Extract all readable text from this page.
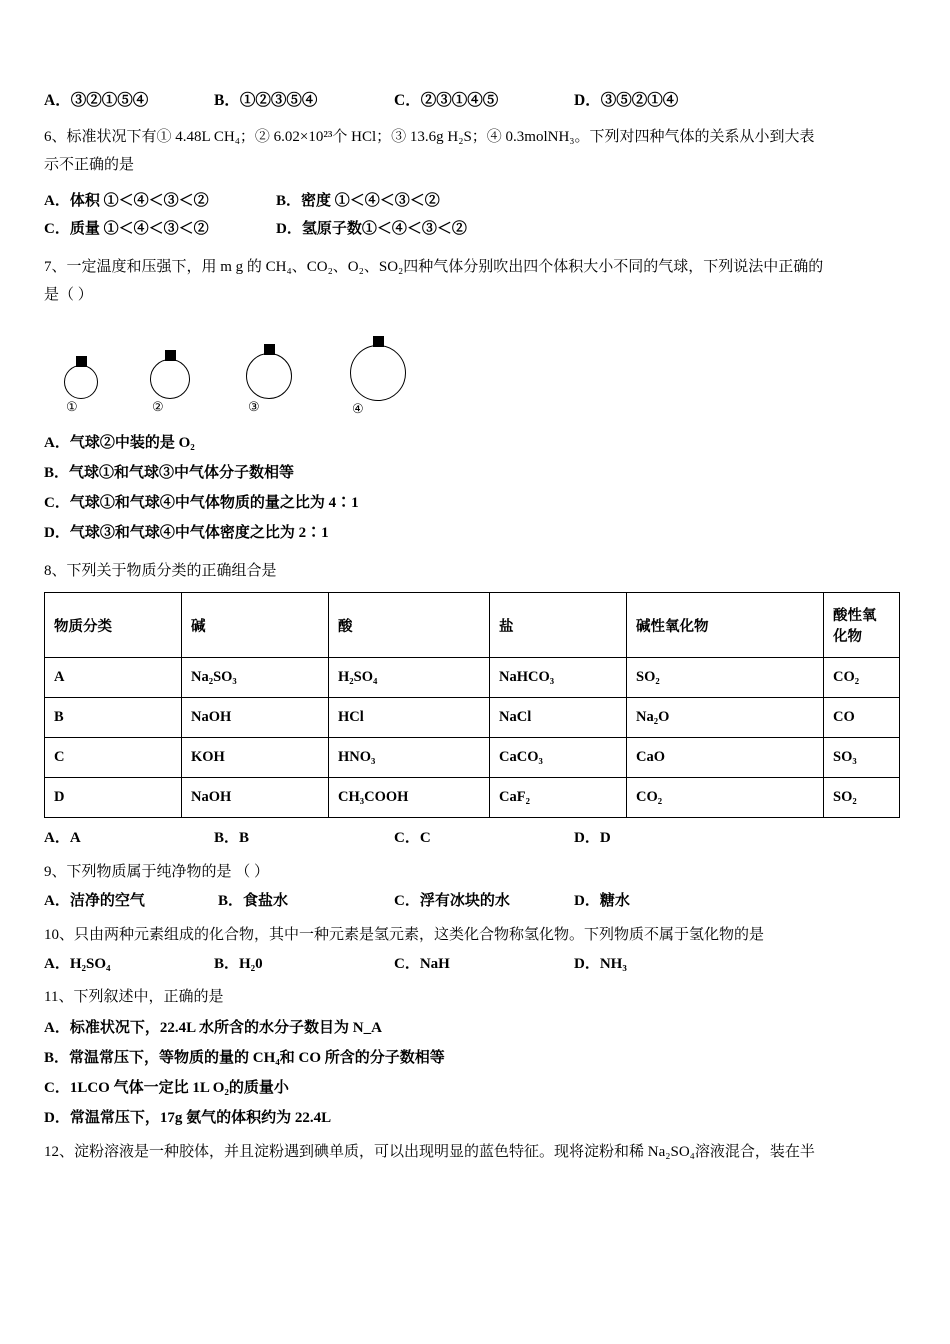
A．③②①⑤④	B．①②③⑤④	C．②③①④⑤	D．③⑤②①④
6、标准状况下有① 4.48L CH₄；② 6.02×10²³个 HCl；③ 13.6g H₂S；④ 0.3molNH₃。下列对四种气体的关系从小到大表
示不正确的是
A．体积 ①＜④＜③＜②	B．密度 ①＜④＜③＜②
C．质量 ①＜④＜③＜②	D．氢原子数①＜④＜③＜②
7、一定温度和压强下，用 m g 的 CH₄、CO₂、O₂、SO₂四种气体分别吹出四个体积大小不同的气球，下列说法中正确的
是（ ）
①	②	③	④
A．气球②中装的是 O₂
B．气球①和气球③中气体分子数相等
C．气球①和气球④中气体物质的量之比为 4∶1
D．气球③和气球④中气体密度之比为 2∶1
8、下列关于物质分类的正确组合是
物质分类	碱	酸	盐	碱性氧化物	酸性氧化物
A	Na₂SO₃	H₂SO₄	NaHCO₃	SO₂	CO₂
B	NaOH	HCl	NaCl	Na₂O	CO
C	KOH	HNO₃	CaCO₃	CaO	SO₃
D	NaOH	CH₃COOH	CaF₂	CO₂	SO₂
A．A	B．B	C．C	D．D
9、下列物质属于纯净物的是 （ ）
A．洁净的空气	B．食盐水	C．浮有冰块的水	D．糖水
10、只由两种元素组成的化合物，其中一种元素是氢元素，这类化合物称氢化物。下列物质不属于氢化物的是
A．H₂SO₄	B．H₂0	C．NaH	D．NH₃
11、下列叙述中，正确的是
A．标准状况下，22.4L 水所含的水分子数目为 N_A
B．常温常压下，等物质的量的 CH₄和 CO 所含的分子数相等
C．1LCO 气体一定比 1L O₂的质量小
D．常温常压下，17g 氨气的体积约为 22.4L
12、淀粉溶液是一种胶体，并且淀粉遇到碘单质，可以出现明显的蓝色特征。现将淀粉和稀 Na₂SO₄溶液混合，装在半
